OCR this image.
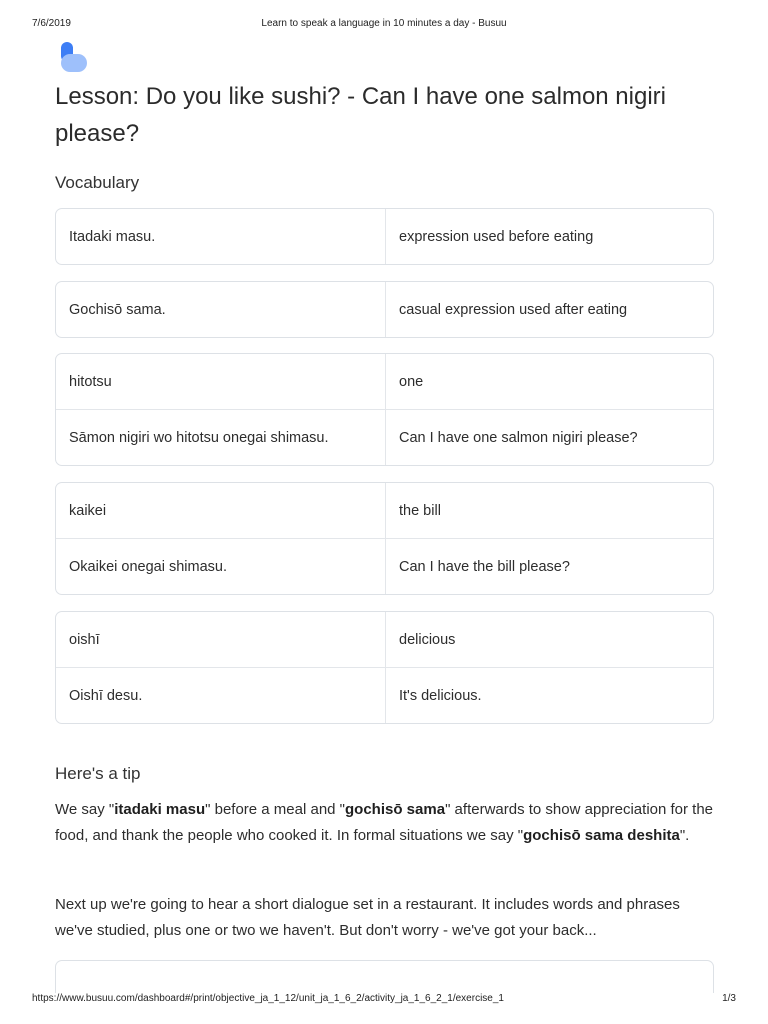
7/6/2019	Learn to speak a language in 10 minutes a day - Busuu
Lesson: Do you like sushi? - Can I have one salmon nigiri please?
Vocabulary
Itadaki masu.	expression used before eating
Gochisō sama.	casual expression used after eating
hitotsu	one
Sāmon nigiri wo hitotsu onegai shimasu.	Can I have one salmon nigiri please?
kaikei	the bill
Okaikei onegai shimasu.	Can I have the bill please?
oishī	delicious
Oishī desu.	It's delicious.
Here's a tip

We say "itadaki masu" before a meal and "gochisō sama" afterwards to show appreciation for the food, and thank the people who cooked it. In formal situations we say "gochisō sama deshita".

Next up we're going to hear a short dialogue set in a restaurant. It includes words and phrases we've studied, plus one or two we haven't. But don't worry - we've got your back...

https://www.busuu.com/dashboard#/print/objective_ja_1_12/unit_ja_1_6_2/activity_ja_1_6_2_1/exercise_1	1/3
